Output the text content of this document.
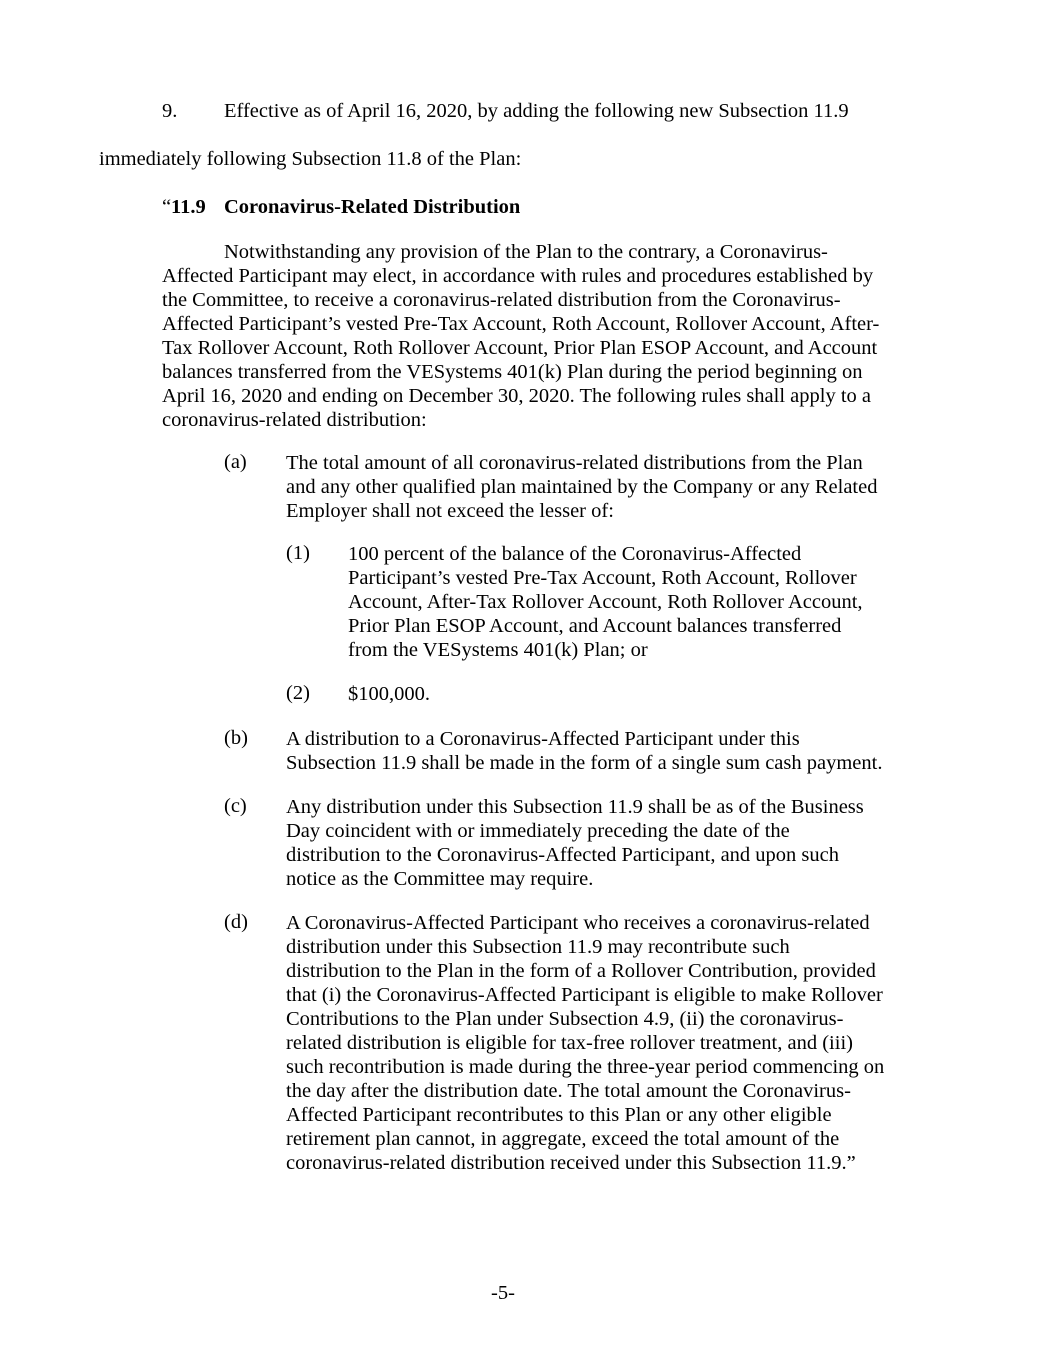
9. Effective as of April 16, 2020, by adding the following new Subsection 11.9
immediately following Subsection 11.8 of the Plan:
“ 11.9 Coronavirus-Related Distribution
Notwithstanding any provision of the Plan to the contrary, a Coronavirus-
Affected Participant may elect, in accordance with rules and procedures established by
the Committee, to receive a coronavirus-related distribution from the Coronavirus-
Affected Participant’s vested Pre-Tax Account, Roth Account, Rollover Account, After-
Tax Rollover Account, Roth Rollover Account, Prior Plan ESOP Account, and Account
balances transferred from the VESystems 401(k) Plan during the period beginning on
April 16, 2020 and ending on December 30, 2020. The following rules shall apply to a
coronavirus-related distribution:
(a) The total amount of all coronavirus-related distributions from the Plan
and any other qualified plan maintained by the Company or any Related
Employer shall not exceed the lesser of:
(1) 100 percent of the balance of the Coronavirus-Affected
Participant’s vested Pre-Tax Account, Roth Account, Rollover
Account, After-Tax Rollover Account, Roth Rollover Account,
Prior Plan ESOP Account, and Account balances transferred
from the VESystems 401(k) Plan; or
(2) $100,000.
(b) A distribution to a Coronavirus-Affected Participant under this
Subsection 11.9 shall be made in the form of a single sum cash payment.
(c) Any distribution under this Subsection 11.9 shall be as of the Business
Day coincident with or immediately preceding the date of the
distribution to the Coronavirus-Affected Participant, and upon such
notice as the Committee may require.
(d) A Coronavirus-Affected Participant who receives a coronavirus-related
distribution under this Subsection 11.9 may recontribute such
distribution to the Plan in the form of a Rollover Contribution, provided
that (i) the Coronavirus-Affected Participant is eligible to make Rollover
Contributions to the Plan under Subsection 4.9, (ii) the coronavirus-
related distribution is eligible for tax-free rollover treatment, and (iii)
such recontribution is made during the three-year period commencing on
the day after the distribution date. The total amount the Coronavirus-
Affected Participant recontributes to this Plan or any other eligible
retirement plan cannot, in aggregate, exceed the total amount of the
coronavirus-related distribution received under this Subsection 11.9.”
-5-
